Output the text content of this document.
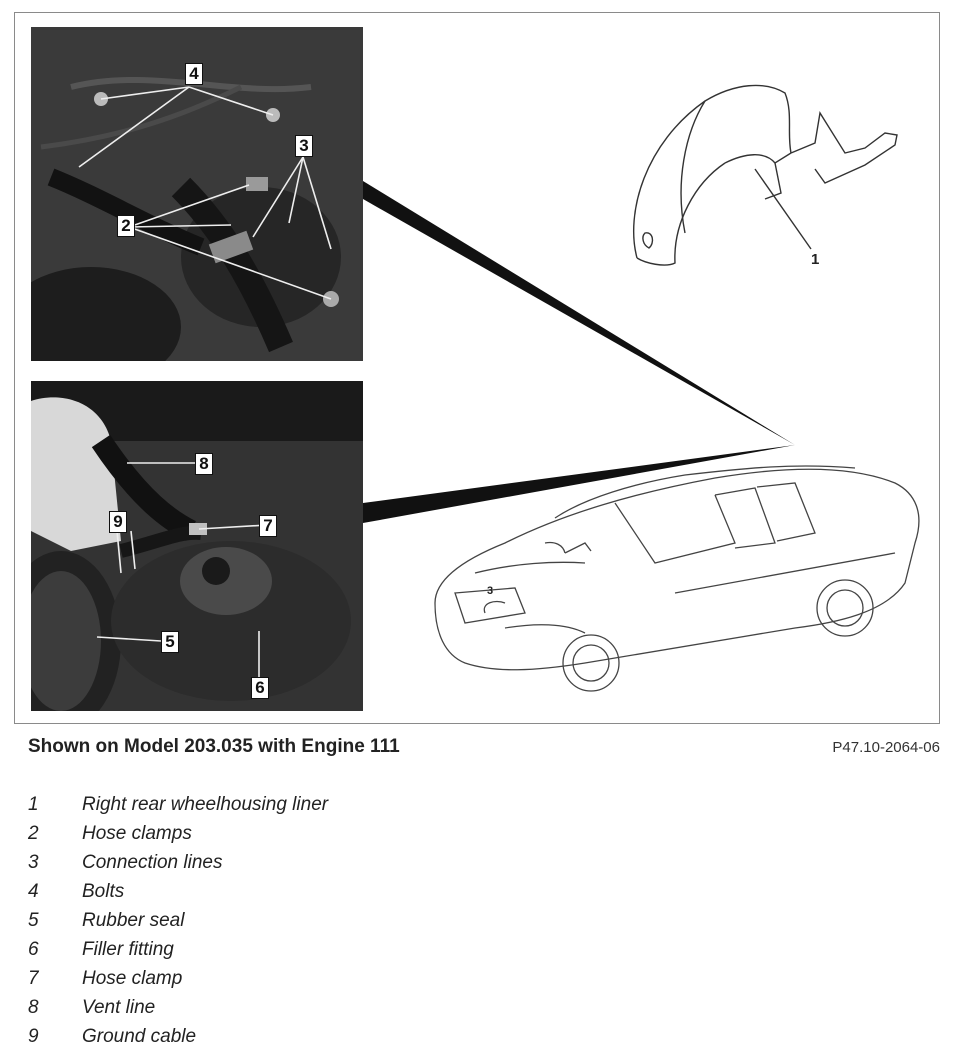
4
3
2
8
7
9
5
6
1
3
Shown on Model 203.035 with Engine 111	P47.10-2064-06
1 Right rear wheelhousing liner
2 Hose clamps
3 Connection lines
4 Bolts
5 Rubber seal
6 Filler fitting
7 Hose clamp
8 Vent line
9 Ground cable
